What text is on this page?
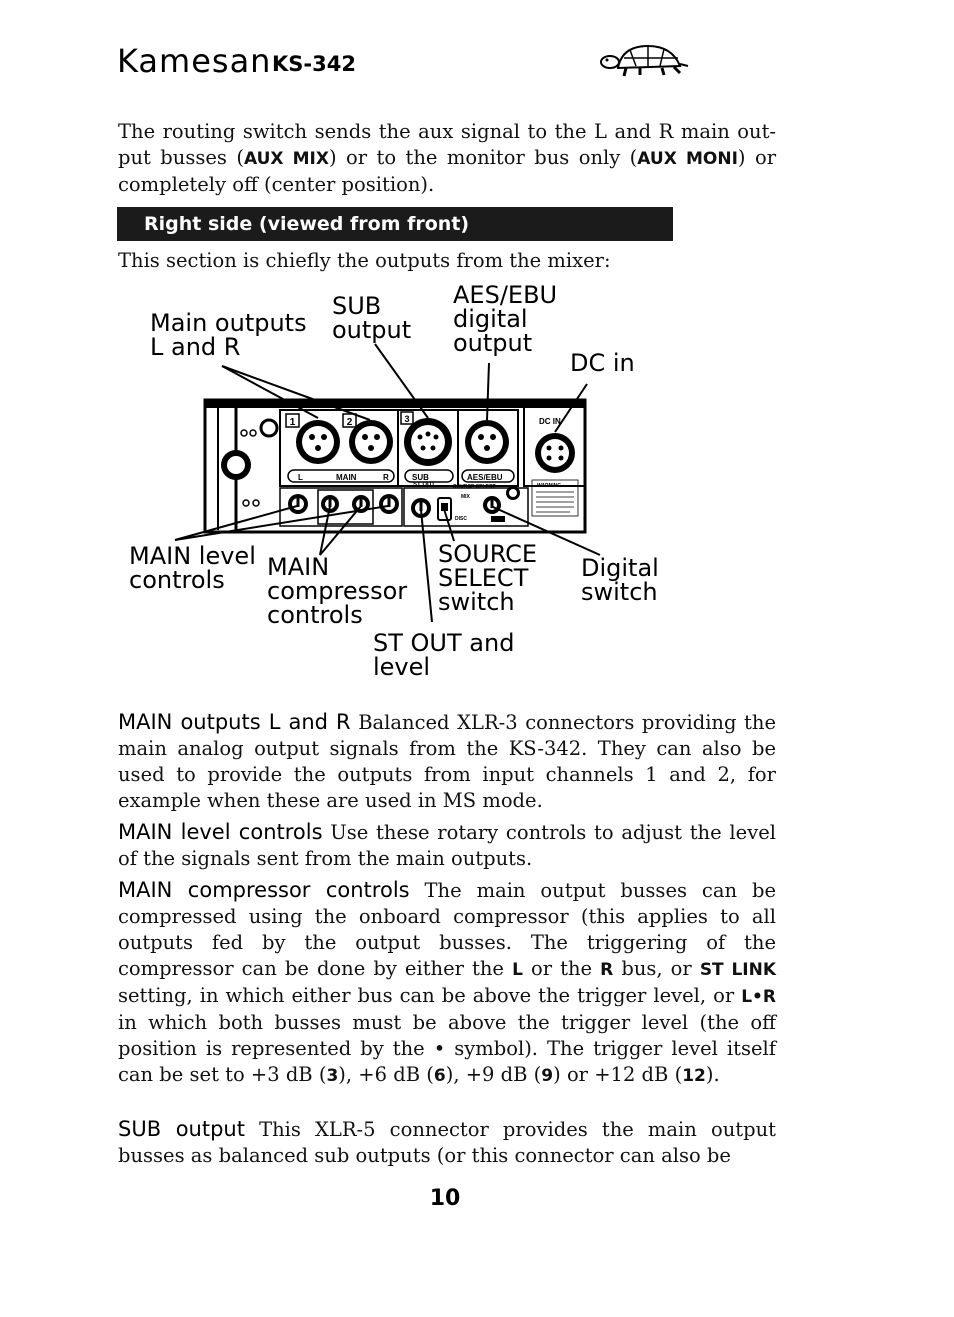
Kamesan KS-342
The routing switch sends the aux signal to the L and R main out-put busses (AUX MIX) or to the monitor bus only (AUX MONI) or completely off (center position).
Right side (viewed from front)
This section is chiefly the outputs from the mixer:
1	2	3	DC IN
L	MAIN	R	SUB	AES/EBU
WARNING
ST OUT	SOURCE SELECT
MIX
DISC
Main outputs
L and R
SUB
output
AES/EBU
digital
output
DC in
MAIN level
controls	MAIN
compressor
controls
SOURCE
SELECT
switch
Digital
switch
ST OUT and
level
MAIN outputs L and R Balanced XLR-3 connectors providing the main analog output signals from the KS-342. They can also be used to provide the outputs from input channels 1 and 2, for example when these are used in MS mode.
MAIN level controls Use these rotary controls to adjust the level of the signals sent from the main outputs.
MAIN compressor controls The main output busses can be compressed using the onboard compressor (this applies to all outputs fed by the output busses. The triggering of the compressor can be done by either the L or the R bus, or ST LINK setting, in which either bus can be above the trigger level, or L•R in which both busses must be above the trigger level (the off position is represented by the • symbol). The trigger level itself can be set to +3 dB (3), +6 dB (6), +9 dB (9) or +12 dB (12).
SUB output This XLR-5 connector provides the main output busses as balanced sub outputs (or this connector can also be
10
